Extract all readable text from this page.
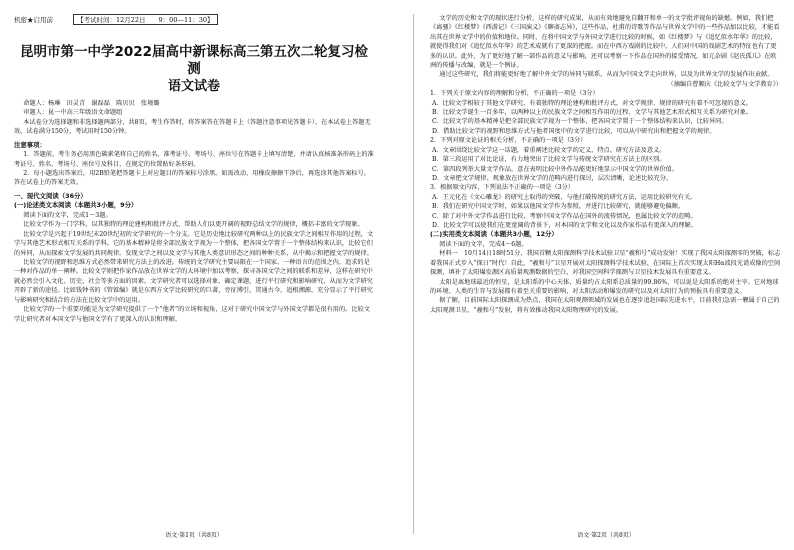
机密★启用前	【考试时间：12月22日　　9：00—11：30】
昆明市第一中学2022届高中新课标高三第五次二轮复习检测
语文试卷

命题人：杨琳　田灵青　谢磊磊　陈贝贝　张境璐

审题人：昆一中高三年级语文命题组

本试卷分为选择题和非选择题两部分，共8页。考生作答时，将答案答在答题卡上（答题注意事项见答题卡），在本试卷上答题无效。试卷满分150分，考试用时150分钟。

注意事项：

1．答题前，考生务必用黑色碳素笔将自己的姓名、准考证号、考场号、座位号在答题卡上填写清楚，并请认真核准条形码上的准考证号、姓名、考场号、座位号及科目，在规定的位置贴好条形码。

2．每小题选出答案后，用2B铅笔把答题卡上对应题目的答案标号涂黑。如需改动，用橡皮擦擦干净后，再选涂其他答案标号。答在试卷上的答案无效。

一、现代文阅读（36分）

(一)论述类文本阅读（本题共3小题，9分）

阅读下面的文字，完成1～3题。

比较文学作为一门学科，以其独特的理论建构和批评方式，帮助人们以更开阔的视野总结文学的规律，概括丰富的文学现象。

比较文学是兴起于19世纪末20世纪初的文学研究的一个分支。它是历史地比较研究两种以上的民族文学之间相互作用的过程，文学与其他艺术形式相互关系的学科。它的基本精神是将全部民族文学视为一个整体，把各国文学置于一个整体结构来认识，比较它们的异同，从而探索文学发展的共同规律。发现文学之间以及文学与其他人类意识形态之间的种种关系，从中揭示和把握文学的规律。

比较文学的视野和思维方式必然带来研究方法上的改进。传统的文学研究主要局限在一个国家、一种语言的范围之内，追求的是一种对作品的单一阐释。比较文学则把作家作品放在世界文学的大环境中加以考察，探寻各国文学之间的联系和差异，这样在研究中就必然会引入文化、历史、社会等多方面的因素。文学研究者可以选择对象、确定课题，进行平行研究和影响研究，从而为文学研究开辟了新的途径。比如钱钟书的《管锥编》就是东西方文学比较研究的巨著，旁征博引，贯通古今，追根溯源，充分显示了平行研究与影响研究相结合的方法在比较文学中的运用。

比较文学的一个重要功能是为文学研究提供了一个“他者”的立场和视角，这对于研究中国文学与外国文学都是很有用的。比较文学让研究者对本国文学与他国文学有了更深入的认识和理解。

语文·第1页（共8页）

文学的历史和文学的现状进行分析，这样的研究成果，从而有效地避免自翻开和单一的文学批评视角的缺憾。例如，我们把《离骚》《红楼梦》《西游记》《三国演义》《聊斋志异》，这些作品，杜甫的诗歌等作品与世界文学中的一些作品加以比较，才能看出其在世界文学中的价值和地位。同时，在将中国文学与外国文学进行比较的时候，如《红楼梦》与《追忆似水年华》的比较，就使得我们对《追忆似水年华》的艺术成就有了更深的把握。而在中西方戏剧的比较中，人们对中国的戏剧艺术的特征也有了更多的认识。此外，为了更好地了解一部作品的意义与影响，还可以考察一下作品在国外的接受情况，如元杂剧《赵氏孤儿》在欧洲的传播与改编，就是一个例证。

通过这些研究，我们将能更好地了解中外文学的异同与联系，从而为中国文学走向世界，以及为世界文学的发展作出贡献。

（摘编自曹顺庆《比较文学与文学教育》）

1．下列关于原文内容的理解和分析，不正确的一项是（3分）

A．比较文学相较于其他文学研究，有着独特的理论建构和批评方式，对文学规律、规律的研究有着不可忽视的意义。

B．比较文学诞生一百多年，以两种以上的民族文学之间相互作用的过程、文学与其他艺术形式相互关系为研究对象。

C．比较文学的基本精神是把全部民族文学视为一个整体，把各国文学置于一个整体结构来认识，比较异同。

D．借助比较文学的视野和思维方式与他者国度中的文学进行比较，可以从中研究出和把握文学的规律。

2．下列对原文论证的相关分析，不正确的一项是（3分）

A．文章围绕比较文学这一话题，着重阐述比较文学的定义、特点、研究方法及意义。

B．第三段运用了对比论证，有力地突出了比较文学与传统文学研究在方法上的区别。

C．第四段列举大量文学作品，意在表明比较中外作品能更好地显示中国文学的世界价值。

D．文章把文学规律、观象放在世界文学的范畴内进行探讨，层次清晰，论述比较充分。

3．根据原文内容，下列说法不正确的一项是（3分）

A．王元化在《文心雕龙》的研究上取得的突破，与他打破传统的研究方法，运用比较研究有关。

B．我们在研究中国文学时，如果以他国文学作为参照，并进行比较研究，就能够避免偏颇。

C．除了对中外文学作品进行比较，考察中国文学作品在国外的流传情况，也属比较文学的范畴。

D．比较文学可以使我们在更宽阔的背景下，对本国的文学和文化以及作家作品有更深入的理解。

(二)实用类文本阅读（本题共3小题，12分）

阅读下面的文字，完成4～6题。

材料一　10月14日18时51分，我国首颗太阳探测科学技术试验卫星“羲和号”成功发射！实现了我国太阳探测零的突破，标志着我国正式步入“探日”时代！自此，“羲和号”卫星开展对太阳探测科学技术试验，在国际上首次实现太阳Hα波段光谱成像的空间探测，填补了太阳爆发源区高质量观测数据的空白，对我国空间科学探测与卫星技术发展具有重要意义。

太阳是离地球最近的恒星，是太阳系的中心天体，质量约占太阳系总质量的99.86%，可以说是太阳系的绝对主宰。它对地球的环境、人类的生存与发展都有着至关重要的影响，对太阳活动和爆发的研究以及对太阳行为的预报具有重要意义。

据了解，目前国际太阳探测成为热点，我国在太阳观测领域的发展也在逐步追赶国际先进水平，目前我们急需一颗属于自己的太阳观测卫星，“羲和号”发射，将有效推动我国太阳物理研究的发展。

语文·第2页（共8页）
